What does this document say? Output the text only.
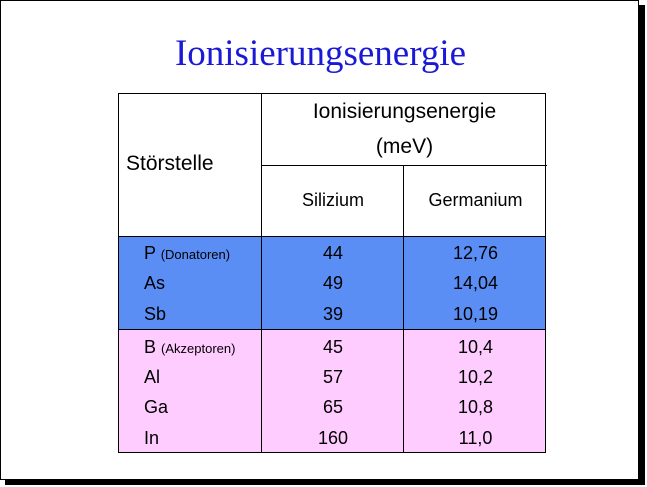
Ionisierungsenergie
Störstelle
Ionisierungsenergie
(meV)
Silizium	Germanium
P (Donatoren)	44	12,76
As	49	14,04
Sb	39	10,19
B (Akzeptoren)	45	10,4
Al	57	10,2
Ga	65	10,8
In	160	11,0
